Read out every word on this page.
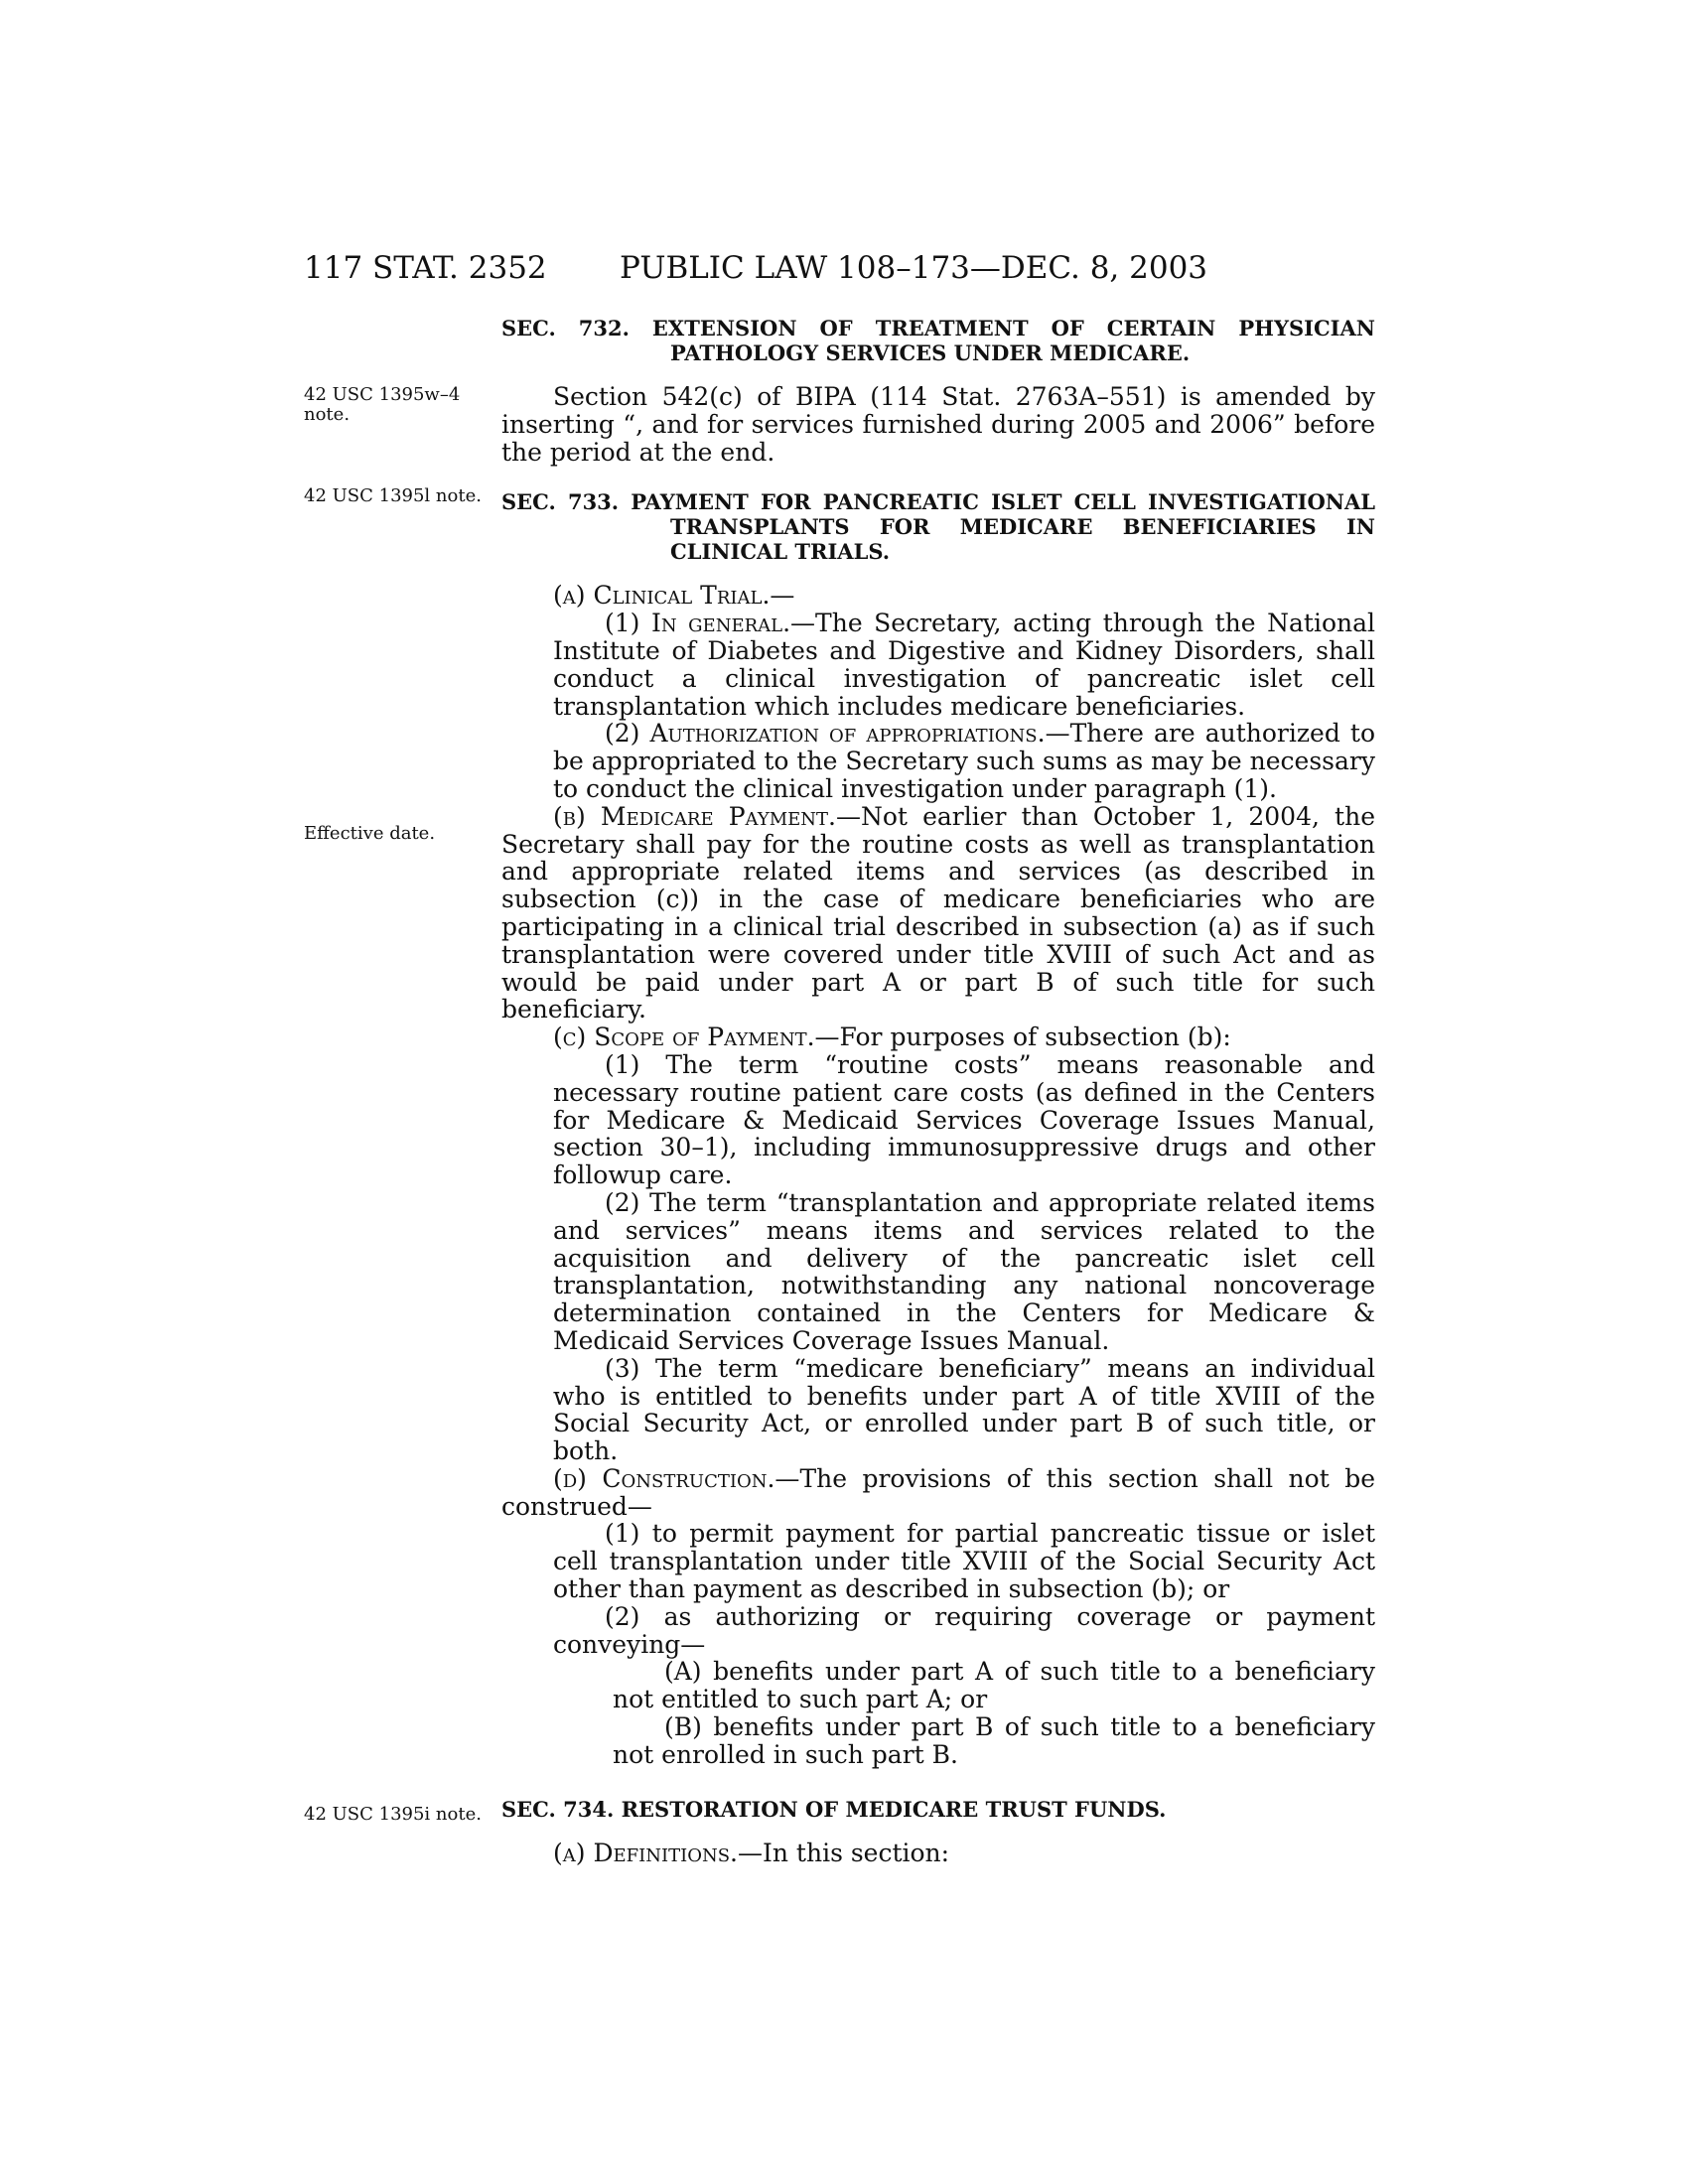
117 STAT. 2352 PUBLIC LAW 108–173—DEC. 8, 2003
42 USC 1395w–4 note.
42 USC 1395l note.
Effective date.
42 USC 1395i note.
SEC. 732. EXTENSION OF TREATMENT OF CERTAIN PHYSICIAN PATHOLOGY SERVICES UNDER MEDICARE.

Section 542(c) of BIPA (114 Stat. 2763A–551) is amended by inserting “, and for services furnished during 2005 and 2006” before the period at the end.

SEC. 733. PAYMENT FOR PANCREATIC ISLET CELL INVESTIGATIONAL TRANSPLANTS FOR MEDICARE BENEFICIARIES IN CLINICAL TRIALS.

(a) Clinical Trial.—

(1) In general.—The Secretary, acting through the National Institute of Diabetes and Digestive and Kidney Disorders, shall conduct a clinical investigation of pancreatic islet cell transplantation which includes medicare beneficiaries.

(2) Authorization of appropriations.—There are authorized to be appropriated to the Secretary such sums as may be necessary to conduct the clinical investigation under paragraph (1).

(b) Medicare Payment.—Not earlier than October 1, 2004, the Secretary shall pay for the routine costs as well as transplantation and appropriate related items and services (as described in subsection (c)) in the case of medicare beneficiaries who are participating in a clinical trial described in subsection (a) as if such transplantation were covered under title XVIII of such Act and as would be paid under part A or part B of such title for such beneficiary.

(c) Scope of Payment.—For purposes of subsection (b):

(1) The term “routine costs” means reasonable and necessary routine patient care costs (as defined in the Centers for Medicare & Medicaid Services Coverage Issues Manual, section 30–1), including immunosuppressive drugs and other followup care.

(2) The term “transplantation and appropriate related items and services” means items and services related to the acquisition and delivery of the pancreatic islet cell transplantation, notwithstanding any national noncoverage determination contained in the Centers for Medicare & Medicaid Services Coverage Issues Manual.

(3) The term “medicare beneficiary” means an individual who is entitled to benefits under part A of title XVIII of the Social Security Act, or enrolled under part B of such title, or both.

(d) Construction.—The provisions of this section shall not be construed—

(1) to permit payment for partial pancreatic tissue or islet cell transplantation under title XVIII of the Social Security Act other than payment as described in subsection (b); or

(2) as authorizing or requiring coverage or payment conveying—

(A) benefits under part A of such title to a beneficiary not entitled to such part A; or

(B) benefits under part B of such title to a beneficiary not enrolled in such part B.

SEC. 734. RESTORATION OF MEDICARE TRUST FUNDS.

(a) Definitions.—In this section:
